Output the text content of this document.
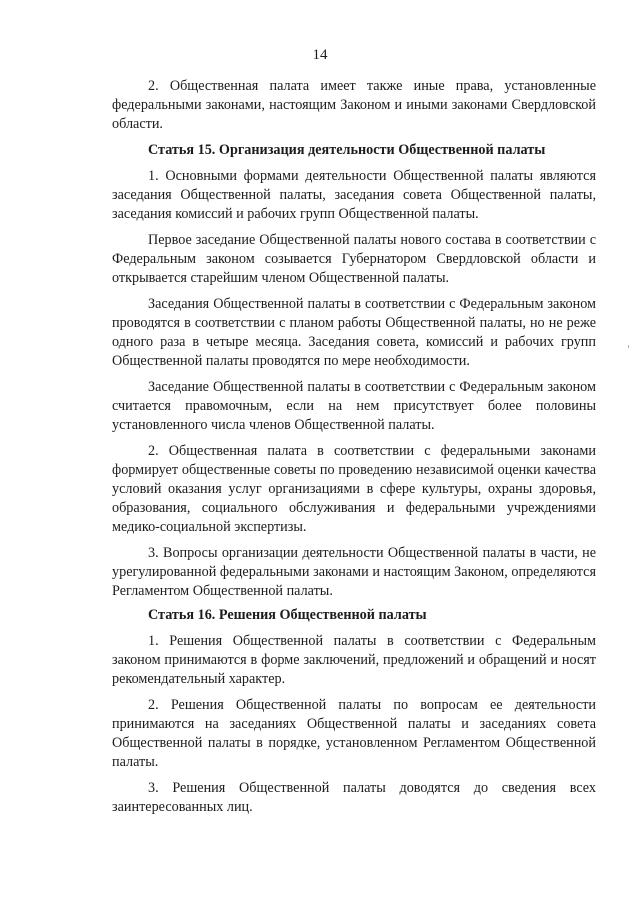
14

2. Общественная палата имеет также иные права, установленные федеральными законами, настоящим Законом и иными законами Свердловской области.

Статья 15. Организация деятельности Общественной палаты

1. Основными формами деятельности Общественной палаты являются заседания Общественной палаты, заседания совета Общественной палаты, заседания комиссий и рабочих групп Общественной палаты.

Первое заседание Общественной палаты нового состава в соответствии с Федеральным законом созывается Губернатором Свердловской области и открывается старейшим членом Общественной палаты.

Заседания Общественной палаты в соответствии с Федеральным законом проводятся в соответствии с планом работы Общественной палаты, но не реже одного раза в четыре месяца. Заседания совета, комиссий и рабочих групп Общественной палаты проводятся по мере необходимости.

Заседание Общественной палаты в соответствии с Федеральным законом считается правомочным, если на нем присутствует более половины установленного числа членов Общественной палаты.

2. Общественная палата в соответствии с федеральными законами формирует общественные советы по проведению независимой оценки качества условий оказания услуг организациями в сфере культуры, охраны здоровья, образования, социального обслуживания и федеральными учреждениями медико-социальной экспертизы.

3. Вопросы организации деятельности Общественной палаты в части, не урегулированной федеральными законами и настоящим Законом, определяются Регламентом Общественной палаты.

Статья 16. Решения Общественной палаты

1. Решения Общественной палаты в соответствии с Федеральным законом принимаются в форме заключений, предложений и обращений и носят рекомендательный характер.

2. Решения Общественной палаты по вопросам ее деятельности принимаются на заседаниях Общественной палаты и заседаниях совета Общественной палаты в порядке, установленном Регламентом Общественной палаты.

3. Решения Общественной палаты доводятся до сведения всех заинтересованных лиц.
